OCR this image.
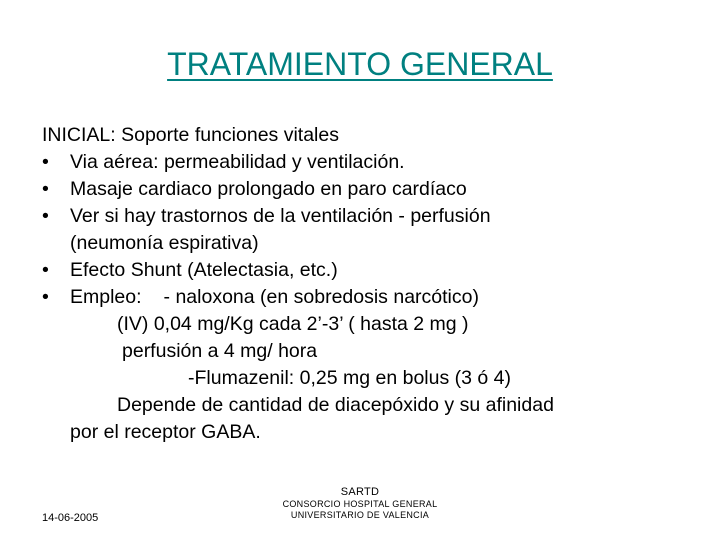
TRATAMIENTO GENERAL
INICIAL: Soporte funciones vitales
• Via aérea: permeabilidad y ventilación.
• Masaje cardiaco prolongado en paro cardíaco
• Ver si hay trastornos de la ventilación - perfusión
(neumonía espirativa)
• Efecto Shunt (Atelectasia, etc.)
• Empleo: - naloxona (en sobredosis narcótico)
(IV) 0,04 mg/Kg cada 2’-3’ ( hasta 2 mg )
perfusión a 4 mg/ hora
-Flumazenil: 0,25 mg en bolus (3 ó 4)
Depende de cantidad de diacepóxido y su afinidad
por el receptor GABA.
14-06-2005
SARTD
CONSORCIO HOSPITAL GENERAL
UNIVERSITARIO DE VALENCIA
